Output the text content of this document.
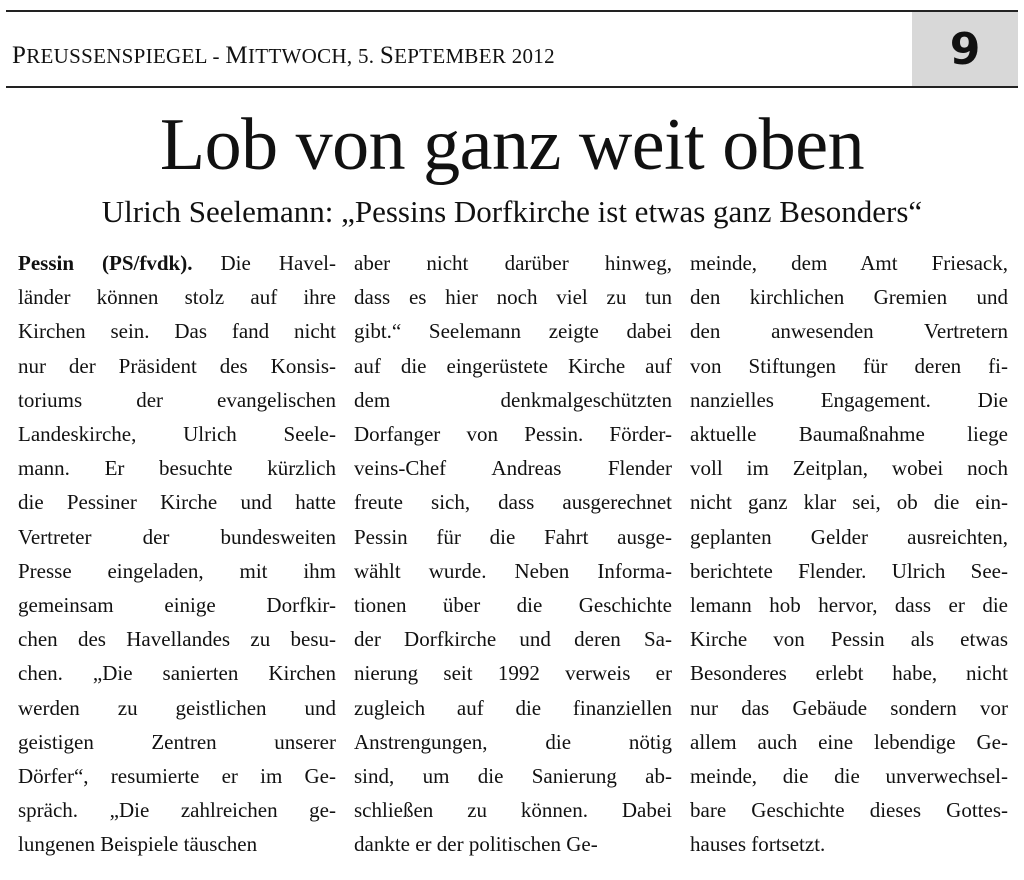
PREUSSENSPIEGEL - MITTWOCH, 5. SEPTEMBER 2012	9
Lob von ganz weit oben
Ulrich Seelemann: „Pessins Dorfkirche ist etwas ganz Besonders“
Pessin (PS/fvdk). Die Havel-
länder können stolz auf ihre
Kirchen sein. Das fand nicht
nur der Präsident des Konsis-
toriums der evangelischen
Landeskirche, Ulrich Seele-
mann. Er besuchte kürzlich
die Pessiner Kirche und hatte
Vertreter der bundesweiten
Presse eingeladen, mit ihm
gemeinsam einige Dorfkir-
chen des Havellandes zu besu-
chen. „Die sanierten Kirchen
werden zu geistlichen und
geistigen Zentren unserer
Dörfer“, resumierte er im Ge-
spräch. „Die zahlreichen ge-
lungenen Beispiele täuschen
aber nicht darüber hinweg,
dass es hier noch viel zu tun
gibt.“ Seelemann zeigte dabei
auf die eingerüstete Kirche auf
dem denkmalgeschützten
Dorfanger von Pessin. Förder-
veins-Chef Andreas Flender
freute sich, dass ausgerechnet
Pessin für die Fahrt ausge-
wählt wurde. Neben Informa-
tionen über die Geschichte
der Dorfkirche und deren Sa-
nierung seit 1992 verweis er
zugleich auf die finanziellen
Anstrengungen, die nötig
sind, um die Sanierung ab-
schließen zu können. Dabei
dankte er der politischen Ge-
meinde, dem Amt Friesack,
den kirchlichen Gremien und
den anwesenden Vertretern
von Stiftungen für deren fi-
nanzielles Engagement. Die
aktuelle Baumaßnahme liege
voll im Zeitplan, wobei noch
nicht ganz klar sei, ob die ein-
geplanten Gelder ausreichten,
berichtete Flender. Ulrich See-
lemann hob hervor, dass er die
Kirche von Pessin als etwas
Besonderes erlebt habe, nicht
nur das Gebäude sondern vor
allem auch eine lebendige Ge-
meinde, die die unverwechsel-
bare Geschichte dieses Gottes-
hauses fortsetzt.
